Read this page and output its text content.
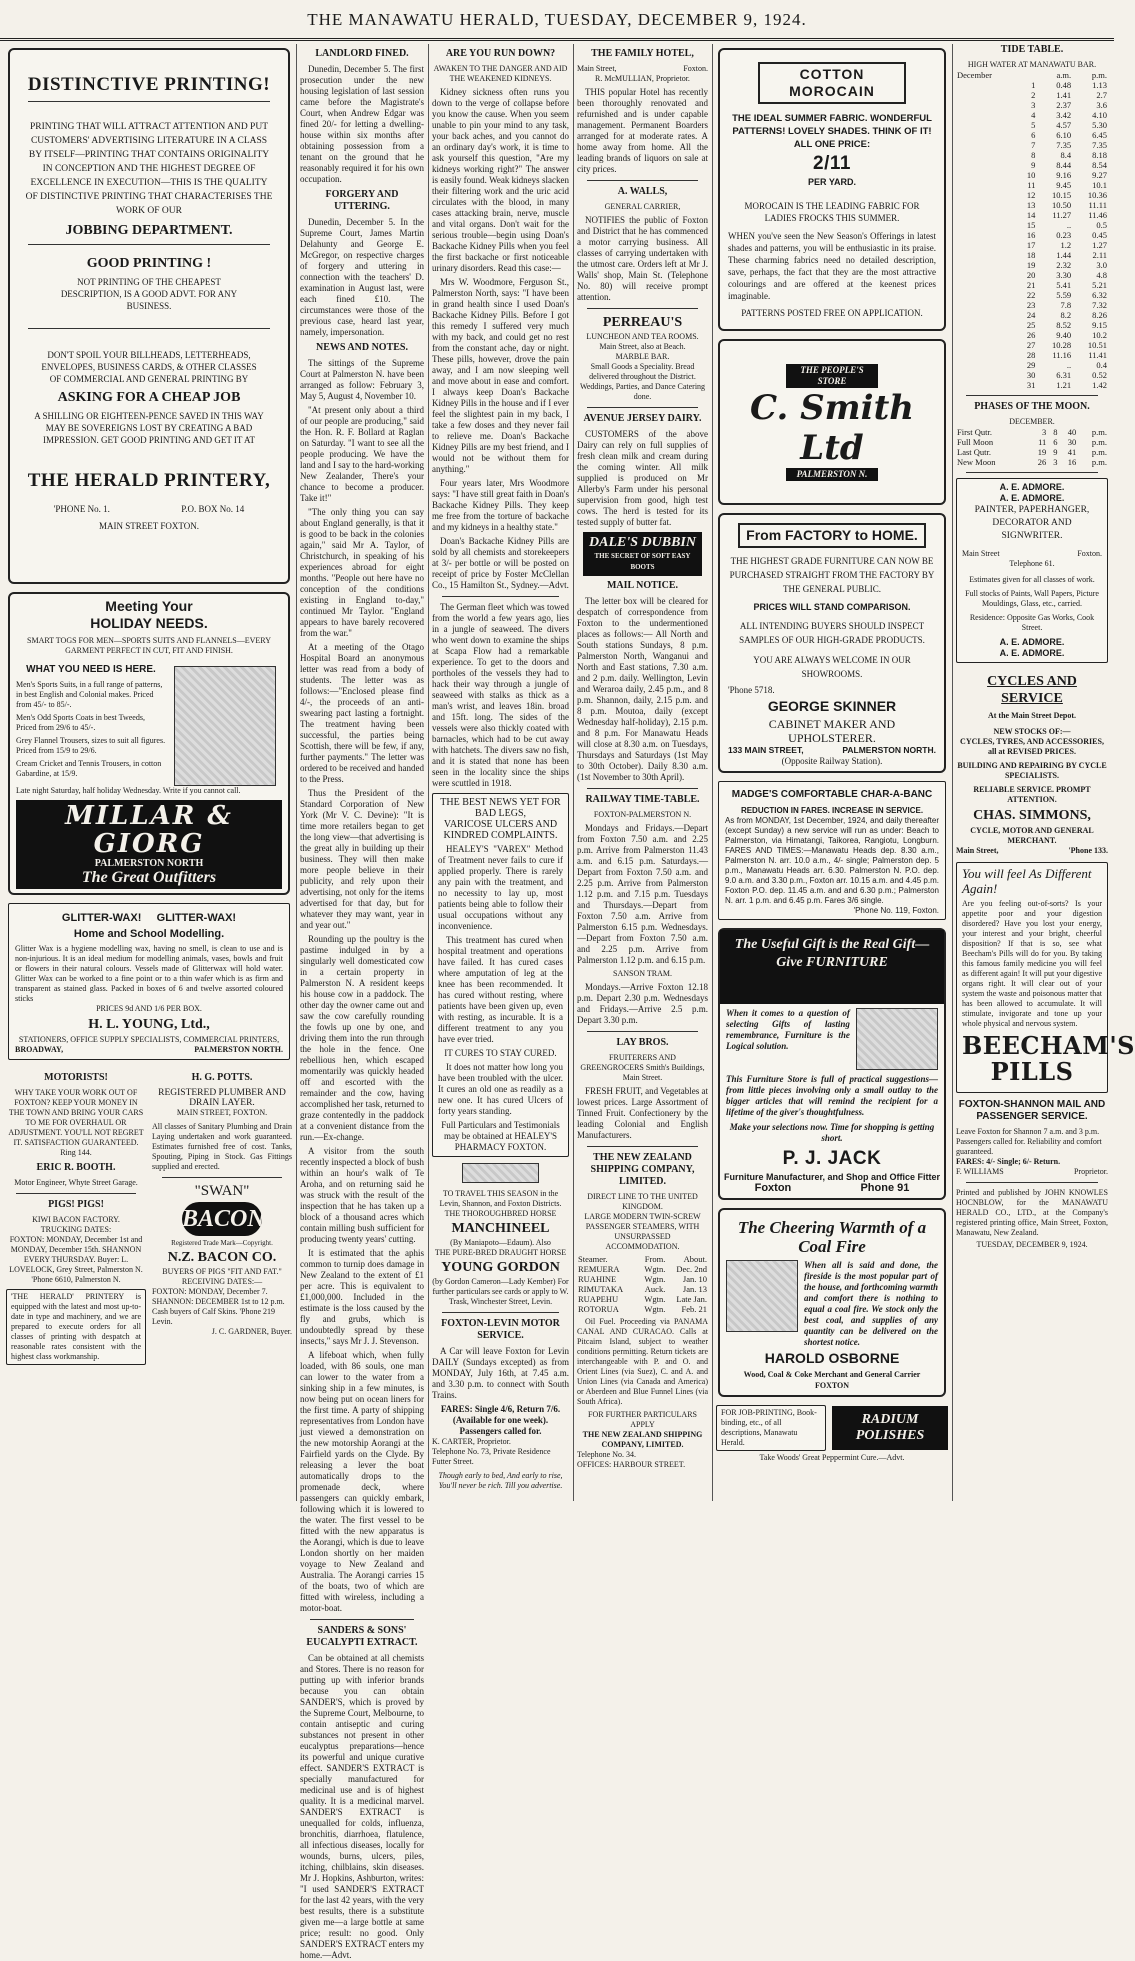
THE MANAWATU HERALD, TUESDAY, DECEMBER 9, 1924.
DISTINCTIVE PRINTING!
PRINTING THAT WILL ATTRACT ATTENTION AND PUT CUSTOMERS' ADVERTISING LITERATURE IN A CLASS BY ITSELF—PRINTING THAT CONTAINS ORIGINALITY IN CONCEPTION AND THE HIGHEST DEGREE OF EXCELLENCE IN EXECUTION—THIS IS THE QUALITY OF DISTINCTIVE PRINTING THAT CHARACTERISES THE WORK OF OUR
JOBBING DEPARTMENT.
GOOD PRINTING !
NOT PRINTING OF THE CHEAPEST DESCRIPTION, IS A GOOD ADVT. FOR ANY BUSINESS.
DON'T SPOIL YOUR BILLHEADS, LETTERHEADS, ENVELOPES, BUSINESS CARDS, & OTHER CLASSES OF COMMERCIAL AND GENERAL PRINTING BY
ASKING FOR A CHEAP JOB
A SHILLING OR EIGHTEEN-PENCE SAVED IN THIS WAY MAY BE SOVEREIGNS LOST BY CREATING A BAD IMPRESSION. GET GOOD PRINTING AND GET IT AT
THE HERALD PRINTERY,
'PHONE No. 1.	P.O. BOX No. 14
MAIN STREET FOXTON.
Meeting Your HOLIDAY NEEDS.
SMART TOGS FOR MEN—SPORTS SUITS AND FLANNELS—EVERY GARMENT PERFECT IN CUT, FIT AND FINISH.
WHAT YOU NEED IS HERE.
Men's Sports Suits, in a full range of patterns, in best English and Colonial makes. Priced from 45/- to 85/-.
Men's Odd Sports Coats in best Tweeds, Priced from 29/6 to 45/-.
Grey Flannel Trousers, sizes to suit all figures. Priced from 15/9 to 29/6.
Cream Cricket and Tennis Trousers, in cotton Gabardine, at 15/9.
Late night Saturday, half holiday Wednesday. Write if you cannot call.
MILLAR & GIORG
PALMERSTON NORTH
The Great Outfitters
GLITTER-WAX!     GLITTER-WAX!
Home and School Modelling.
Glitter Wax is a hygiene modelling wax, having no smell, is clean to use and is non-injurious. It is an ideal medium for modelling animals, vases, bowls and fruit or flowers in their natural colours. Vessels made of Glitterwax will hold water. Glitter Wax can be worked to a fine point or to a thin wafer which is as firm and transparent as stained glass. Packed in boxes of 6 and twelve assorted coloured sticks
PRICES 9d AND 1/6 PER BOX.
H. L. YOUNG, Ltd.,
STATIONERS, OFFICE SUPPLY SPECIALISTS, COMMERCIAL PRINTERS,
BROADWAY,	PALMERSTON NORTH.
MOTORISTS!
WHY TAKE YOUR WORK OUT OF FOXTON? KEEP YOUR MONEY IN THE TOWN AND BRING YOUR CARS TO ME FOR OVERHAUL OR ADJUSTMENT. YOU'LL NOT REGRET IT. SATISFACTION GUARANTEED. Ring 144.
ERIC R. BOOTH.
Motor Engineer, Whyte Street Garage.
PIGS! PIGS!
KIWI BACON FACTORY.
TRUCKING DATES:
FOXTON: MONDAY, December 1st and MONDAY, December 15th. SHANNON EVERY THURSDAY. Buyer: L. LOVELOCK, Grey Street, Palmerston N. 'Phone 6610, Palmerston N.
'THE HERALD' PRINTERY is equipped with the latest and most up-to-date in type and machinery, and we are prepared to execute orders for all classes of printing with despatch at reasonable rates consistent with the highest class workmanship.
H. G. POTTS.
REGISTERED PLUMBER AND DRAIN LAYER.
MAIN STREET, FOXTON.
All classes of Sanitary Plumbing and Drain Laying undertaken and work guaranteed. Estimates furnished free of cost. Tanks, Spouting, Piping in Stock. Gas Fittings supplied and erected.
"SWAN"
BACON
Registered Trade Mark—Copyright.
N.Z. BACON CO.
BUYERS OF PIGS "FIT AND FAT."
RECEIVING DATES:—
FOXTON: MONDAY, December 7. SHANNON: DECEMBER 1st to 12 p.m. Cash buyers of Calf Skins. 'Phone 219 Levin.
J. C. GARDNER, Buyer.
LANDLORD FINED.
Dunedin, December 5. The first prosecution under the new housing legislation of last session came before the Magistrate's Court, when Andrew Edgar was fined 20/- for letting a dwelling-house within six months after obtaining possession from a tenant on the ground that he reasonably required it for his own occupation.
FORGERY AND UTTERING.
Dunedin, December 5. In the Supreme Court, James Martin Delahunty and George E. McGregor, on respective charges of forgery and uttering in connection with the teachers' D. examination in August last, were each fined £10. The circumstances were those of the previous case, heard last year, namely, impersonation.
NEWS AND NOTES.
The sittings of the Supreme Court at Palmerston N. have been arranged as follow: February 3, May 5, August 4, November 10.
"At present only about a third of our people are producing," said the Hon. R. F. Bollard at Raglan on Saturday. "I want to see all the people producing. We have the land and I say to the hard-working New Zealander, There's your chance to become a producer. Take it!"
"The only thing you can say about England generally, is that it is good to be back in the colonies again," said Mr A. Taylor, of Christchurch, in speaking of his experiences abroad for eight months. "People out here have no conception of the conditions existing in England to-day," continued Mr Taylor. "England appears to have barely recovered from the war."
At a meeting of the Otago Hospital Board an anonymous letter was read from a body of students. The letter was as follows:—"Enclosed please find 4/-, the proceeds of an anti-swearing pact lasting a fortnight. The treatment having been successful, the parties being Scottish, there will be few, if any, further payments." The letter was ordered to be received and handed to the Press.
Thus the President of the Standard Corporation of New York (Mr V. C. Devine): "It is time more retailers began to get the long view—that advertising is the great ally in building up their business. They will then make more people believe in their publicity, and rely upon their advertising, not only for the items advertised for that day, but for whatever they may want, year in and year out."
Rounding up the poultry is the pastime indulged in by a singularly well domesticated cow in a certain property in Palmerston N. A resident keeps his house cow in a paddock. The other day the owner came out and saw the cow carefully rounding the fowls up one by one, and driving them into the run through the hole in the fence. One rebellious hen, which escaped momentarily was quickly headed off and escorted with the remainder and the cow, having accomplished her task, returned to graze contentedly in the paddock at a convenient distance from the run.—Ex-change.
A visitor from the south recently inspected a block of bush within an hour's walk of Te Aroha, and on returning said he was struck with the result of the inspection that he has taken up a block of a thousand acres which contain milling bush sufficient for producing twenty years' cutting.
It is estimated that the aphis common to turnip does damage in New Zealand to the extent of £1 per acre. This is equivalent to £1,000,000. Included in the estimate is the loss caused by the fly and grubs, which is undoubtedly spread by these insects," says Mr J. J. Stevenson.
A lifeboat which, when fully loaded, with 86 souls, one man can lower to the water from a sinking ship in a few minutes, is now being put on ocean liners for the first time. A party of shipping representatives from London have just viewed a demonstration on the new motorship Aorangi at the Fairfield yards on the Clyde. By releasing a lever the boat automatically drops to the promenade deck, where passengers can quickly embark, following which it is lowered to the water. The first vessel to be fitted with the new apparatus is the Aorangi, which is due to leave London shortly on her maiden voyage to New Zealand and Australia. The Aorangi carries 15 of the boats, two of which are fitted with wireless, including a motor-boat.
SANDERS & SONS' EUCALYPTI EXTRACT.
Can be obtained at all chemists and Stores. There is no reason for putting up with inferior brands because you can obtain SANDER'S, which is proved by the Supreme Court, Melbourne, to contain antiseptic and curing substances not present in other eucalyptus preparations—hence its powerful and unique curative effect. SANDER'S EXTRACT is specially manufactured for medicinal use and is of highest quality. It is a medicinal marvel. SANDER'S EXTRACT is unequalled for colds, influenza, bronchitis, diarrhoea, flatulence, all infectious diseases, locally for wounds, burns, ulcers, piles, itching, chilblains, skin diseases. Mr J. Hopkins, Ashburton, writes: "I used SANDER'S EXTRACT for the last 42 years, with the very best results, there is a substitute given me—a large bottle at same price; result: no good. Only SANDER'S EXTRACT enters my home.—Advt.
ARE YOU RUN DOWN?
AWAKEN TO THE DANGER AND AID THE WEAKENED KIDNEYS.
Kidney sickness often runs you down to the verge of collapse before you know the cause. When you seem unable to pin your mind to any task, your back aches, and you cannot do an ordinary day's work, it is time to ask yourself this question, "Are my kidneys working right?" The answer is easily found. Weak kidneys slacken their filtering work and the uric acid circulates with the blood, in many cases attacking brain, nerve, muscle and vital organs. Don't wait for the serious trouble—begin using Doan's Backache Kidney Pills when you feel the first backache or first noticeable urinary disorders. Read this case:—
Mrs W. Woodmore, Ferguson St., Palmerston North, says: "I have been in grand health since I used Doan's Backache Kidney Pills. Before I got this remedy I suffered very much with my back, and could get no rest from the constant ache, day or night. These pills, however, drove the pain away, and I am now sleeping well and move about in ease and comfort. I always keep Doan's Backache Kidney Pills in the house and if I ever feel the slightest pain in my back, I take a few doses and they never fail to relieve me. Doan's Backache Kidney Pills are my best friend, and I would not be without them for anything."
Four years later, Mrs Woodmore says: "I have still great faith in Doan's Backache Kidney Pills. They keep me free from the torture of backache and my kidneys in a healthy state."
Doan's Backache Kidney Pills are sold by all chemists and storekeepers at 3/- per bottle or will be posted on receipt of price by Foster McClellan Co., 15 Hamilton St., Sydney.—Advt.
The German fleet which was towed from the world a few years ago, lies in a jungle of seaweed. The divers who went down to examine the ships at Scapa Flow had a remarkable experience. To get to the doors and portholes of the vessels they had to hack their way through a jungle of seaweed with stalks as thick as a man's wrist, and leaves 18in. broad and 15ft. long. The sides of the vessels were also thickly coated with barnacles, which had to be cut away with hatchets. The divers saw no fish, and it is stated that none has been seen in the locality since the ships were scuttled in 1918.
THE BEST NEWS YET FOR BAD LEGS,
VARICOSE ULCERS AND KINDRED COMPLAINTS.
HEALEY'S "VAREX" Method of Treatment never fails to cure if applied properly. There is rarely any pain with the treatment, and no necessity to lay up, most patients being able to follow their usual occupations without any inconvenience.
This treatment has cured when hospital treatment and operations have failed. It has cured cases where amputation of leg at the knee has been recommended. It has cured without resting, where patients have been given up, even with resting, as incurable. It is a different treatment to any you have ever tried.
IT CURES TO STAY CURED.
It does not matter how long you have been troubled with the ulcer. It cures an old one as readily as a new one. It has cured Ulcers of forty years standing.
Full Particulars and Testimonials may be obtained at HEALEY'S PHARMACY FOXTON.
TO TRAVEL THIS SEASON in the Levin, Shannon, and Foxton Districts.
THE THOROUGHBRED HORSE
MANCHINEEL
(By Maniapoto—Edaum). Also
THE PURE-BRED DRAUGHT HORSE
YOUNG GORDON
(by Gordon Cameron—Lady Kember) For further particulars see cards or apply to W. Trask, Winchester Street, Levin.
FOXTON-LEVIN MOTOR SERVICE.
A Car will leave Foxton for Levin DAILY (Sundays excepted) as from MONDAY, July 16th, at 7.45 a.m. and 3.30 p.m. to connect with South Trains.
FARES: Single 4/6, Return 7/6. (Available for one week). Passengers called for.
K. CARTER, Proprietor.
Telephone No. 73, Private Residence Futter Street.
Though early to bed, And early to rise, You'll never be rich. Till you advertise.
THE FAMILY HOTEL,
Main Street,	Foxton.
R. McMULLIAN, Proprietor.
THIS popular Hotel has recently been thoroughly renovated and refurnished and is under capable management. Permanent Boarders arranged for at moderate rates. A home away from home. All the leading brands of liquors on sale at city prices.
A. WALLS,
GENERAL CARRIER,
NOTIFIES the public of Foxton and District that he has commenced a motor carrying business. All classes of carrying undertaken with the utmost care. Orders left at Mr J. Walls' shop, Main St. (Telephone No. 80) will receive prompt attention.
PERREAU'S
LUNCHEON AND TEA ROOMS. Main Street, also at Beach.
MARBLE BAR.
Small Goods a Speciality. Bread delivered throughout the District. Weddings, Parties, and Dance Catering done.
AVENUE JERSEY DAIRY.
CUSTOMERS of the above Dairy can rely on full supplies of fresh clean milk and cream during the coming winter. All milk supplied is produced on Mr Allerby's Farm under his personal supervision from good, high test cows. The herd is tested for its tested supply of butter fat.
DALE'S DUBBIN
THE SECRET OF SOFT EASY BOOTS
MAIL NOTICE.
The letter box will be cleared for despatch of correspondence from Foxton to the undermentioned places as follows:— All North and South stations Sundays, 8 p.m. Palmerston North, Wanganui and North and East stations, 7.30 a.m. and 2 p.m. daily. Wellington, Levin and Weraroa daily, 2.45 p.m., and 8 p.m. Shannon, daily, 2.15 p.m. and 8 p.m. Moutoa, daily (except Wednesday half-holiday), 2.15 p.m. and 8 p.m. For Manawatu Heads will close at 8.30 a.m. on Tuesdays, Thursdays and Saturdays (1st May to 30th October). Daily 8.30 a.m. (1st November to 30th April).
RAILWAY TIME-TABLE.
FOXTON-PALMERSTON N.
Mondays and Fridays.—Depart from Foxton 7.50 a.m. and 2.25 p.m. Arrive from Palmerston 11.43 a.m. and 6.15 p.m. Saturdays.—Depart from Foxton 7.50 a.m. and 2.25 p.m. Arrive from Palmerston 1.12 p.m. and 7.15 p.m. Tuesdays and Thursdays.—Depart from Foxton 7.50 a.m. Arrive from Palmerston 6.15 p.m. Wednesdays.—Depart from Foxton 7.50 a.m. and 2.25 p.m. Arrive from Palmerston 1.12 p.m. and 6.15 p.m.
SANSON TRAM.
Mondays.—Arrive Foxton 12.18 p.m. Depart 2.30 p.m. Wednesdays and Fridays.—Arrive 2.5 p.m. Depart 3.30 p.m.
LAY BROS.
FRUITERERS AND GREENGROCERS Smith's Buildings, Main Street.
FRESH FRUIT, and Vegetables at lowest prices. Large Assortment of Tinned Fruit. Confectionery by the leading Colonial and English Manufacturers.
THE NEW ZEALAND SHIPPING COMPANY, LIMITED.
DIRECT LINE TO THE UNITED KINGDOM.
LARGE MODERN TWIN-SCREW PASSENGER STEAMERS, WITH UNSURPASSED ACCOMMODATION.
Steamer.	From.	About.
REMUERA	Wgtn.	Dec. 2nd
RUAHINE	Wgtn.	Jan. 10
RIMUTAKA	Auck.	Jan. 13
RUAPEHU	Wgtn.	Late Jan.
ROTORUA	Wgtn.	Feb. 21
Oil Fuel. Proceeding via PANAMA CANAL AND CURACAO. Calls at Pitcairn Island, subject to weather conditions permitting. Return tickets are interchangeable with P. and O. and Orient Lines (via Suez), C. and A. and Union Lines (via Canada and America) or Aberdeen and Blue Funnel Lines (via South Africa).
FOR FURTHER PARTICULARS APPLY
THE NEW ZEALAND SHIPPING COMPANY, LIMITED.
Telephone No. 34.
OFFICES: HARBOUR STREET.
COTTON MOROCAIN
THE IDEAL SUMMER FABRIC. WONDERFUL PATTERNS! LOVELY SHADES. THINK OF IT! ALL ONE PRICE:
2/11
PER YARD.
MOROCAIN IS THE LEADING FABRIC FOR LADIES FROCKS THIS SUMMER.
WHEN you've seen the New Season's Offerings in latest shades and patterns, you will be enthusiastic in its praise. These charming fabrics need no detailed description, save, perhaps, the fact that they are the most attractive colourings and are offered at the keenest prices imaginable.
PATTERNS POSTED FREE ON APPLICATION.
THE PEOPLE'S STORE
C. Smith Ltd
PALMERSTON N.
From FACTORY to HOME.
THE HIGHEST GRADE FURNITURE CAN NOW BE PURCHASED STRAIGHT FROM THE FACTORY BY THE GENERAL PUBLIC.
PRICES WILL STAND COMPARISON.
ALL INTENDING BUYERS SHOULD INSPECT SAMPLES OF OUR HIGH-GRADE PRODUCTS.
YOU ARE ALWAYS WELCOME IN OUR SHOWROOMS.
'Phone 5718.
GEORGE SKINNER
CABINET MAKER AND UPHOLSTERER.
133 MAIN STREET,	PALMERSTON NORTH.
(Opposite Railway Station).
MADGE'S COMFORTABLE CHAR-A-BANC
REDUCTION IN FARES. INCREASE IN SERVICE.
As from MONDAY, 1st December, 1924, and daily thereafter (except Sunday) a new service will run as under: Beach to Palmerston, via Himatangi, Taikorea, Rangiotu, Longburn. FARES AND TIMES:—Manawatu Heads dep. 8.30 a.m., Palmerston N. arr. 10.0 a.m., 4/- single; Palmerston dep. 5 p.m., Manawatu Heads arr. 6.30. Palmerston N. P.O. dep. 9.0 a.m. and 3.30 p.m., Foxton arr. 10.15 a.m. and 4.45 p.m. Foxton P.O. dep. 11.45 a.m. and and 6.30 p.m.; Palmerston N. arr. 1 p.m. and 6.45 p.m. Fares 3/6 single.
'Phone No. 119, Foxton.
The Useful Gift is the Real Gift—Give FURNITURE
When it comes to a question of selecting Gifts of lasting remembrance, Furniture is the Logical solution.
This Furniture Store is full of practical suggestions—from little pieces involving only a small outlay to the bigger articles that will remind the recipient for a lifetime of the giver's thoughtfulness.
Make your selections now. Time for shopping is getting short.
P. J. JACK
Furniture Manufacturer, and Shop and Office Fitter
Foxton	Phone 91
The Cheering Warmth of a Coal Fire
When all is said and done, the fireside is the most popular part of the house, and forthcoming warmth and comfort there is nothing to equal a coal fire. We stock only the best coal, and supplies of any quantity can be delivered on the shortest notice.
HAROLD OSBORNE
Wood, Coal & Coke Merchant and General Carrier
FOXTON
FOR JOB-PRINTING, Book-binding, etc., of all descriptions, Manawatu Herald.
RADIUM POLISHES
Take Woods' Great Peppermint Cure.—Advt.
TIDE TABLE.
HIGH WATER AT MANAWATU BAR.
December		a.m.	p.m.
	1	0.48	1.13
	2	1.41	2.7
	3	2.37	3.6
	4	3.42	4.10
	5	4.57	5.30
	6	6.10	6.45
	7	7.35	7.35
	8	8.4	8.18
	9	8.44	8.54
	10	9.16	9.27
	11	9.45	10.1
	12	10.15	10.36
	13	10.50	11.11
	14	11.27	11.46
	15	..	0.5
	16	0.23	0.45
	17	1.2	1.27
	18	1.44	2.11
	19	2.32	3.0
	20	3.30	4.8
	21	5.41	5.21
	22	5.59	6.32
	23	7.8	7.32
	24	8.2	8.26
	25	8.52	9.15
	26	9.40	10.2
	27	10.28	10.51
	28	11.16	11.41
	29	..	0.4
	30	6.31	0.52
	31	1.21	1.42
PHASES OF THE MOON.
DECEMBER.
First Qutr.	3	8	40	p.m.
Full Moon	11	6	30	p.m.
Last Qutr.	19	9	41	p.m.
New Moon	26	3	16	p.m.
A. E. ADMORE.
A. E. ADMORE.
PAINTER, PAPERHANGER, DECORATOR AND SIGNWRITER.
Main Street	Foxton.
Telephone 61.
Estimates given for all classes of work.
Full stocks of Paints, Wall Papers, Picture Mouldings, Glass, etc., carried.
Residence: Opposite Gas Works, Cook Street.
A. E. ADMORE.
A. E. ADMORE.
CYCLES AND SERVICE
At the Main Street Depot.
NEW STOCKS OF:—
CYCLES, TYRES, AND ACCESSORIES, all at REVISED PRICES.
BUILDING AND REPAIRING BY CYCLE SPECIALISTS.
RELIABLE SERVICE. PROMPT ATTENTION.
CHAS. SIMMONS,
CYCLE, MOTOR AND GENERAL MERCHANT.
Main Street,	'Phone 133.
You will feel As Different Again!
Are you feeling out-of-sorts? Is your appetite poor and your digestion disordered? Have you lost your energy, your interest and your bright, cheerful disposition? If that is so, see what Beecham's Pills will do for you. By taking this famous family medicine you will feel as different again! It will put your digestive organs right. It will clear out of your system the waste and poisonous matter that has been allowed to accumulate. It will stimulate, invigorate and tone up your whole physical and nervous system.
BEECHAM'S PILLS
FOXTON-SHANNON MAIL AND PASSENGER SERVICE.
Leave Foxton for Shannon 7 a.m. and 3 p.m. Passengers called for. Reliability and comfort guaranteed.
FARES: 4/- Single; 6/- Return.
F. WILLIAMS	Proprietor.
Printed and published by JOHN KNOWLES HOCNBLOW, for the MANAWATU HERALD CO., LTD., at the Company's registered printing office, Main Street, Foxton, Manawatu, New Zealand.
TUESDAY, DECEMBER 9, 1924.
